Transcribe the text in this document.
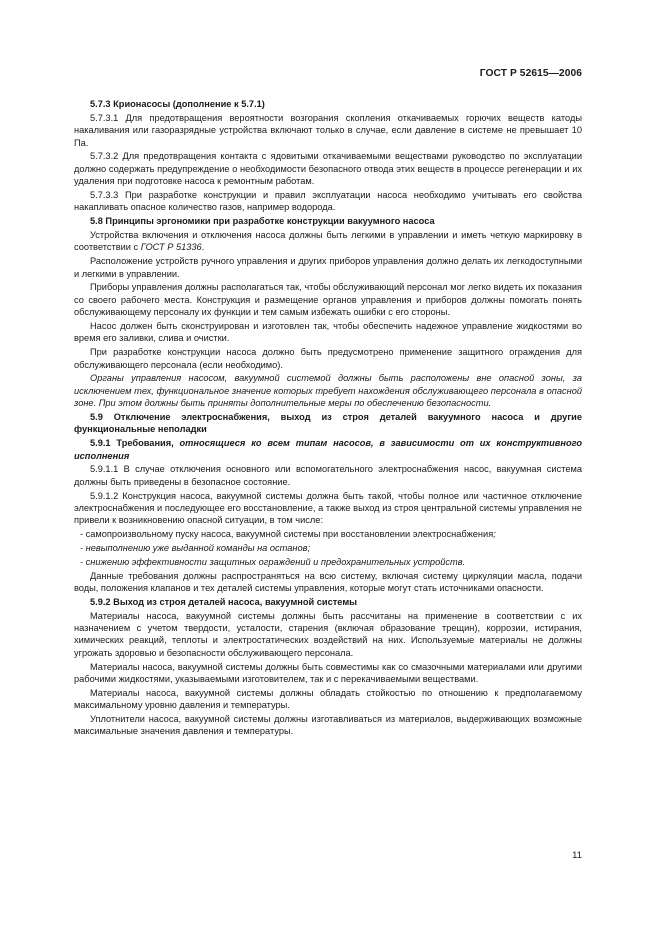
ГОСТ Р 52615—2006

5.7.3 Крионасосы (дополнение к 5.7.1)

5.7.3.1 Для предотвращения вероятности возгорания скопления откачиваемых горючих веществ катоды накаливания или газоразрядные устройства включают только в случае, если давление в системе не превышает 10 Па.

5.7.3.2 Для предотвращения контакта с ядовитыми откачиваемыми веществами руководство по эксплуатации должно содержать предупреждение о необходимости безопасного отвода этих веществ в процессе регенерации и их удаления при подготовке насоса к ремонтным работам.

5.7.3.3 При разработке конструкции и правил эксплуатации насоса необходимо учитывать его свойства накапливать опасное количество газов, например водорода.

5.8 Принципы эргономики при разработке конструкции вакуумного насоса

Устройства включения и отключения насоса должны быть легкими в управлении и иметь четкую маркировку в соответствии с ГОСТ Р 51336.

Расположение устройств ручного управления и других приборов управления должно делать их легкодоступными и легкими в управлении.

Приборы управления должны располагаться так, чтобы обслуживающий персонал мог легко видеть их показания со своего рабочего места. Конструкция и размещение органов управления и приборов должны помогать понять обслуживающему персоналу их функции и тем самым избежать ошибки с его стороны.

Насос должен быть сконструирован и изготовлен так, чтобы обеспечить надежное управление жидкостями во время его заливки, слива и очистки.

При разработке конструкции насоса должно быть предусмотрено применение защитного ограждения для обслуживающего персонала (если необходимо).

Органы управления насосом, вакуумной системой должны быть расположены вне опасной зоны, за исключением тех, функциональное значение которых требует нахождения обслуживающего персонала в опасной зоне. При этом должны быть приняты дополнительные меры по обеспечению безопасности.

5.9 Отключение электроснабжения, выход из строя деталей вакуумного насоса и другие функциональные неполадки

5.9.1 Требования, относящиеся ко всем типам насосов, в зависимости от их конструктивного исполнения

5.9.1.1 В случае отключения основного или вспомогательного электроснабжения насос, вакуумная система должны быть приведены в безопасное состояние.

5.9.1.2 Конструкция насоса, вакуумной системы должна быть такой, чтобы полное или частичное отключение электроснабжения и последующее его восстановление, а также выход из строя центральной системы управления не привели к возникновению опасной ситуации, в том числе:

- самопроизвольному пуску насоса, вакуумной системы при восстановлении электроснабжения;

- невыполнению уже выданной команды на останов;

- снижению эффективности защитных ограждений и предохранительных устройств.

Данные требования должны распространяться на всю систему, включая систему циркуляции масла, подачи воды, положения клапанов и тех деталей системы управления, которые могут стать источниками опасности.

5.9.2 Выход из строя деталей насоса, вакуумной системы

Материалы насоса, вакуумной системы должны быть рассчитаны на применение в соответствии с их назначением с учетом твердости, усталости, старения (включая образование трещин), коррозии, истирания, химических реакций, теплоты и электростатических воздействий на них. Используемые материалы не должны угрожать здоровью и безопасности обслуживающего персонала.

Материалы насоса, вакуумной системы должны быть совместимы как со смазочными материалами или другими рабочими жидкостями, указываемыми изготовителем, так и с перекачиваемыми веществами.

Материалы насоса, вакуумной системы должны обладать стойкостью по отношению к предполагаемому максимальному уровню давления и температуры.

Уплотнители насоса, вакуумной системы должны изготавливаться из материалов, выдерживающих возможные максимальные значения давления и температуры.

11
